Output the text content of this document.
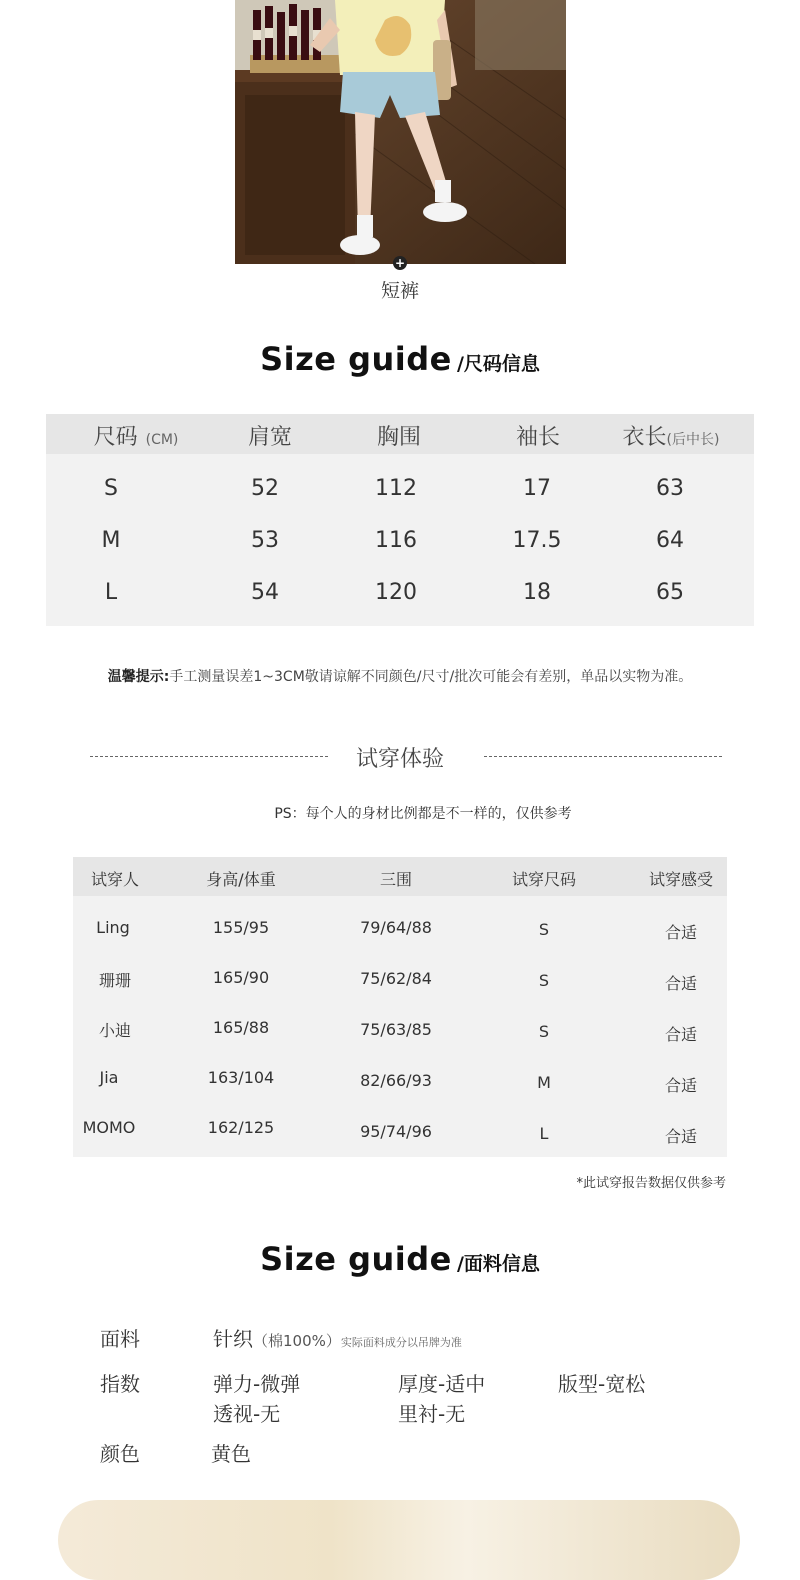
+
短裤
Size guide /尺码信息
尺码 (CM)	肩宽	胸围	袖长	衣长(后中长)
S	52	112	17	63
M	53	116	17.5	64
L	54	120	18	65
温馨提示:手工测量误差1~3CM敬请谅解不同颜色/尺寸/批次可能会有差别，单品以实物为准。
试穿体验
PS：每个人的身材比例都是不一样的，仅供参考
试穿人	身高/体重	三围	试穿尺码	试穿感受
Ling	155/95	79/64/88	S	合适
珊珊	165/90	75/62/84	S	合适
小迪	165/88	75/63/85	S	合适
Jia	163/104	82/66/93	M	合适
MOMO	162/125	95/74/96	L	合适
*此试穿报告数据仅供参考
Size guide /面料信息
面料	针织（棉100%）实际面料成分以吊牌为准
指数	弹力-微弹	厚度-适中	版型-宽松
透视-无	里衬-无
颜色	黄色
